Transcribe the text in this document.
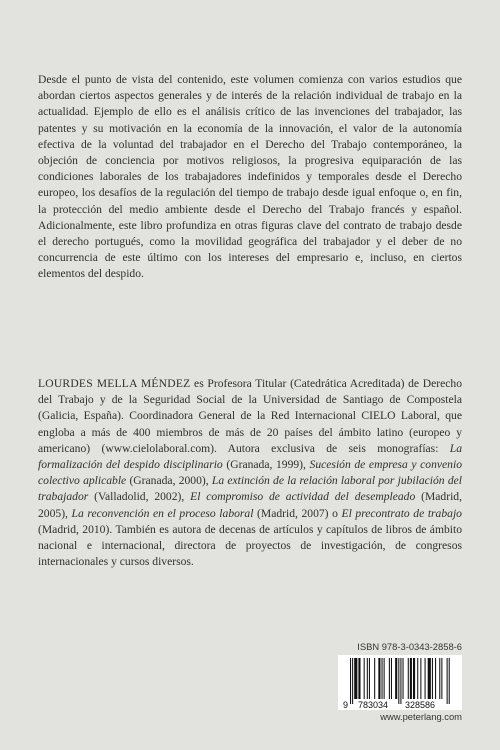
Desde el punto de vista del contenido, este volumen comienza con varios estudios que abordan ciertos aspectos generales y de interés de la relación individual de trabajo en la actualidad. Ejemplo de ello es el análisis crítico de las invenciones del trabajador, las patentes y su motivación en la economía de la innovación, el valor de la autonomía efectiva de la voluntad del trabajador en el Derecho del Trabajo contemporáneo, la objeción de conciencia por motivos religiosos, la progresiva equiparación de las condiciones laborales de los trabajadores indefinidos y temporales desde el Derecho europeo, los desafíos de la regulación del tiempo de trabajo desde igual enfoque o, en fin, la protección del medio ambiente desde el Derecho del Trabajo francés y español. Adicionalmente, este libro profundiza en otras figuras clave del contrato de trabajo desde el derecho portugués, como la movilidad geográfica del trabajador y el deber de no concurrencia de este último con los intereses del empresario e, incluso, en ciertos elementos del despido.
LOURDES MELLA MÉNDEZ es Profesora Titular (Catedrática Acreditada) de Derecho del Trabajo y de la Seguridad Social de la Universidad de Santiago de Compostela (Galicia, España). Coordinadora General de la Red Internacional CIELO Laboral, que engloba a más de 400 miembros de más de 20 países del ámbito latino (europeo y americano) (www.cielolaboral.com). Autora exclusiva de seis monografías: La formalización del despido disciplinario (Granada, 1999), Sucesión de empresa y convenio colectivo aplicable (Granada, 2000), La extinción de la relación laboral por jubilación del trabajador (Valladolid, 2002), El compromiso de actividad del desempleado (Madrid, 2005), La reconvención en el proceso laboral (Madrid, 2007) o El precontrato de trabajo (Madrid, 2010). También es autora de decenas de artículos y capítulos de libros de ámbito nacional e internacional, directora de proyectos de investigación, de congresos internacionales y cursos diversos.
ISBN 978-3-0343-2858-6
9 783034 328586
www.peterlang.com
